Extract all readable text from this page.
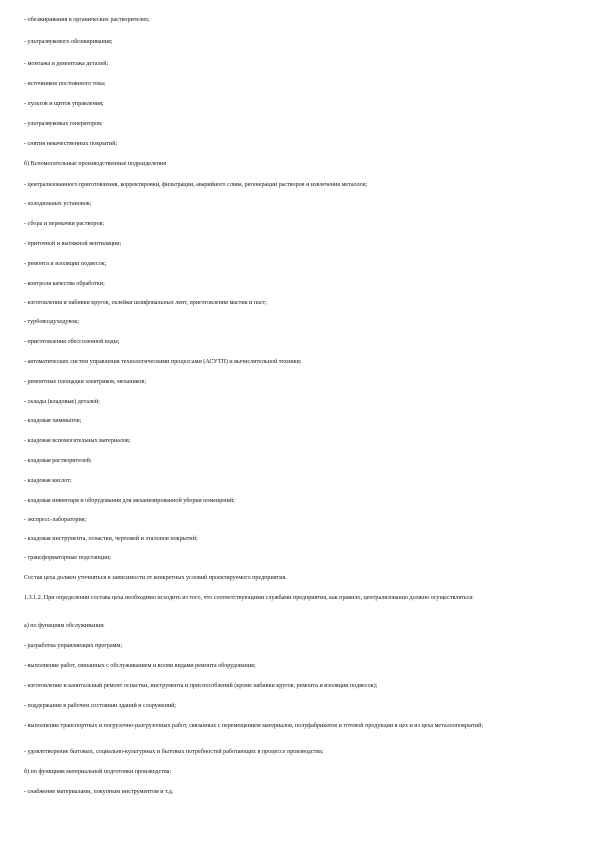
- обезжиривания в органических растворителях;
- ультразвукового обезжиривания;
- монтажа и демонтажа деталей;
- источников постоянного тока;
- пультов и щитов управления;
- ультразвуковых генераторов;
- снятия некачественных покрытий;
б) Вспомогательные производственные подразделения
- централизованного приготовления, корректировки, фильтрации, аварийного слива, регенерации растворов и извлечения металлов;
- холодильных установок;
- сбора и перекачки растворов;
- приточной и вытяжной вентиляции;
- ремонта и изоляции подвесок;
- контроля качества обработки;
- изготовления и набивки кругов, склейки шлифовальных лент, приготовления мастик и паст;
- турбовоздуходувок;
- приготовления обессоленной воды;
- автоматических систем управления технологическими процессами (АСУТП) и вычислительной техники;
- ремонтные площадки электриков, механиков;
- склады (кладовые) деталей;
- кладовая химикатов;
- кладовая вспомогательных материалов;
- кладовая растворителей;
- кладовая кислот;
- кладовая инвентаря и оборудования для механизированной уборки помещений;
- экспресс-лаборатория;
- кладовая инструмента, оснастки, чертежей и эталонов покрытий;
- трансформаторные подстанции;
Состав цеха должен уточняться в зависимости от конкретных условий проектируемого предприятия.
1.3.1.2. При определении состава цеха необходимо исходить из того, что соответствующими службами предприятия, как правило, централизованно должно осуществляться:
а) по функциям обслуживания:
- разработка управляющих программ;
- выполнение работ, связанных с обслуживанием и всеми видами ремонта оборудования;
- изготовление и капитальный ремонт оснастки, инструмента и приспособлений (кроме набивки кругов, ремонта и изоляции подвесок);
- поддержание в рабочем состоянии зданий и сооружений;
- выполнение транспортных и погрузочно-разгрузочных работ, связанных с перемещением материалов, полуфабрикатов и готовой продукции в цех и из цеха металлопокрытий;
- удовлетворение бытовых, социально-культурных и бытовых потребностей работающих в процессе производства;
б) по функциям материальной подготовки производства:
- снабжение материалами, покупным инструментом и т.д.
